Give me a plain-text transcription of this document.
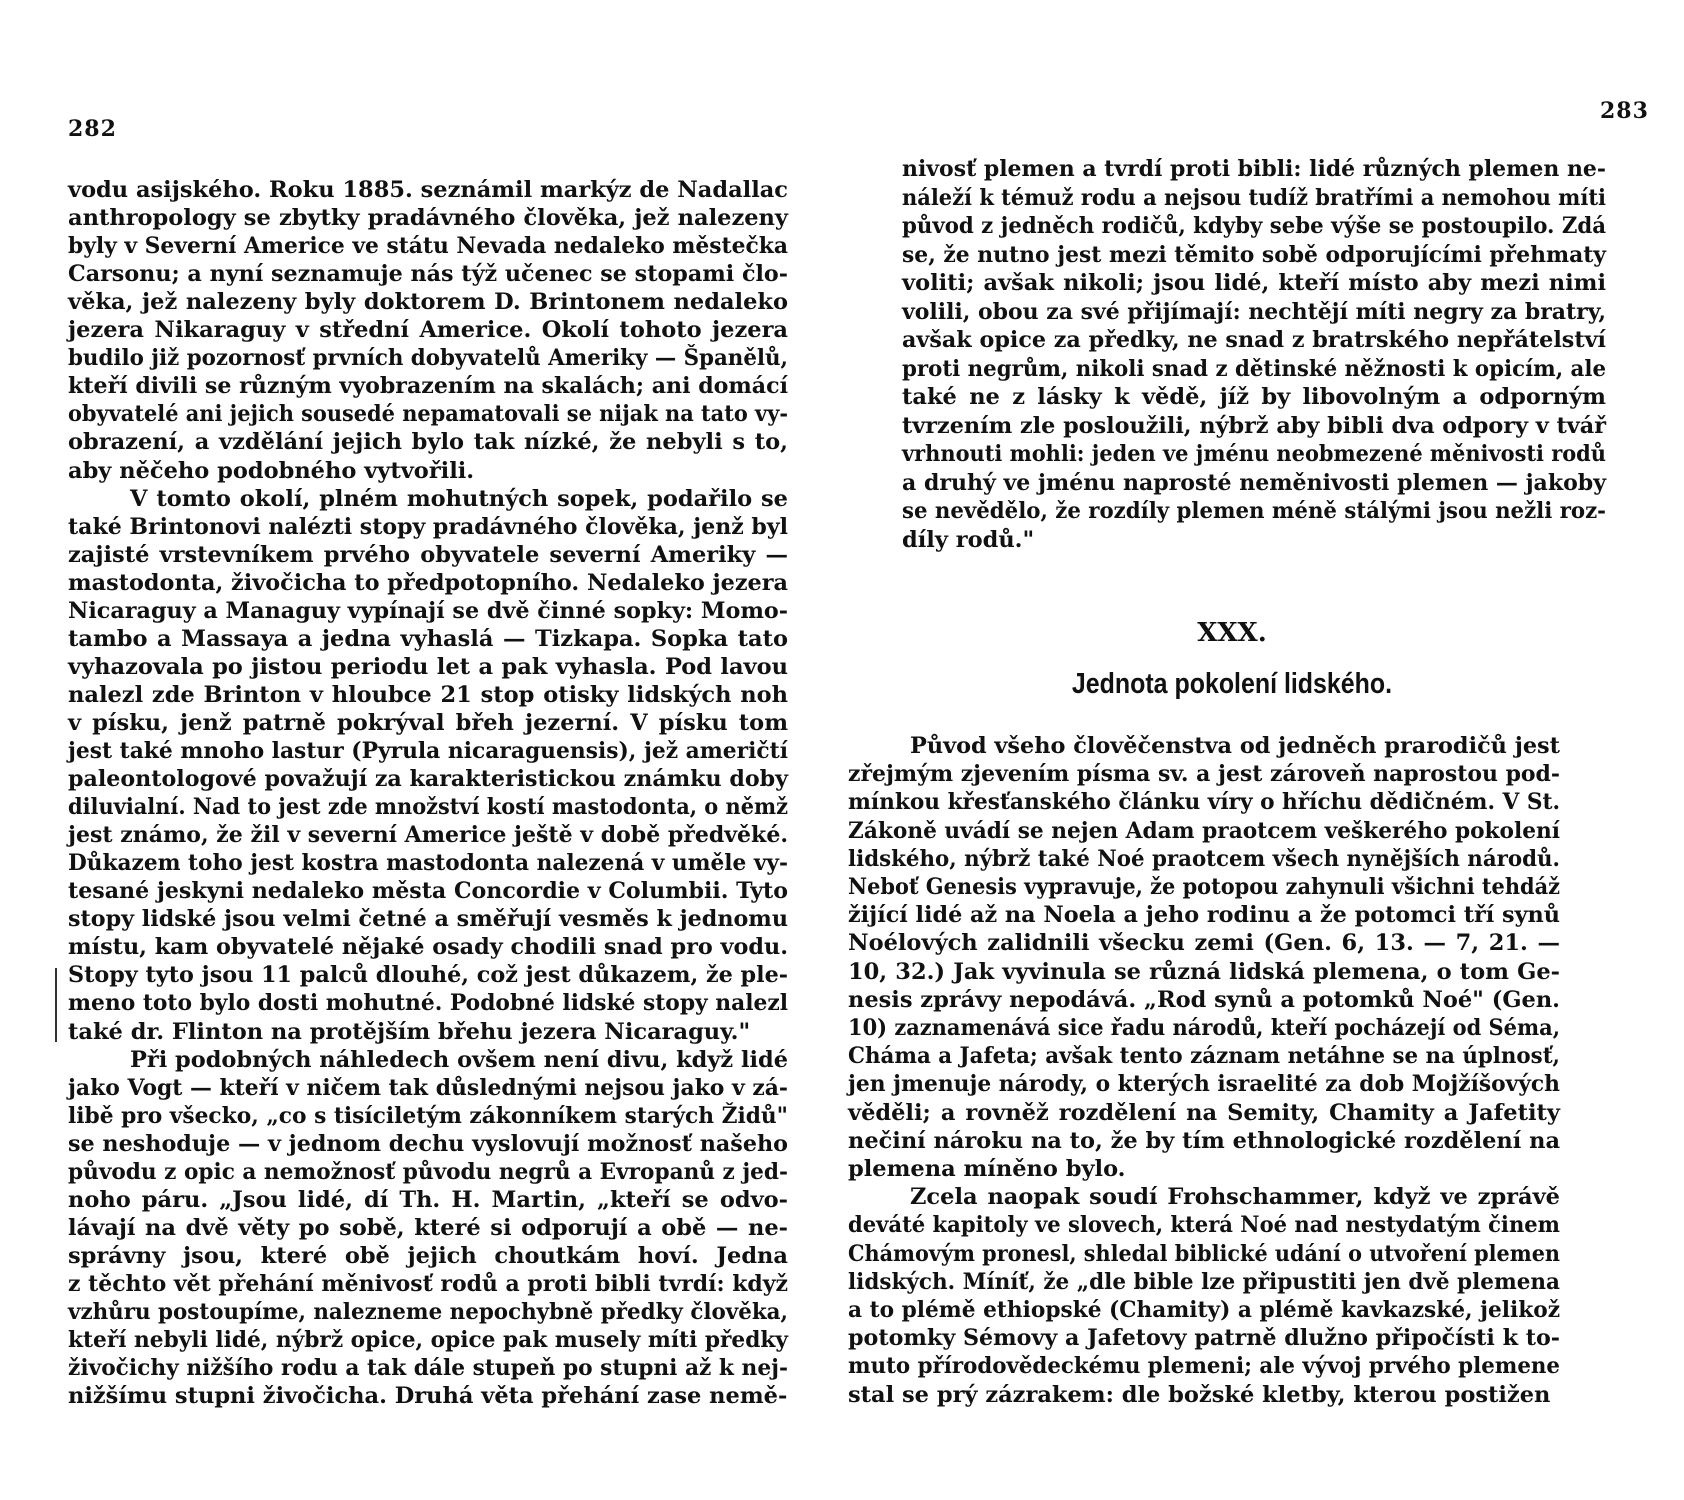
282
vodu asijského. Roku 1885. seznámil markýz de Nadallac
anthropology se zbytky pradávného člověka, jež nalezeny
byly v Severní Americe ve státu Nevada nedaleko městečka
Carsonu; a nyní seznamuje nás týž učenec se stopami člo-
věka, jež nalezeny byly doktorem D. Brintonem nedaleko
jezera Nikaraguy v střední Americe. Okolí tohoto jezera
budilo již pozornosť prvních dobyvatelů Ameriky — Španělů,
kteří divili se různým vyobrazením na skalách; ani domácí
obyvatelé ani jejich sousedé nepamatovali se nijak na tato vy-
obrazení, a vzdělání jejich bylo tak nízké, že nebyli s to,
aby něčeho podobného vytvořili.
V tomto okolí, plném mohutných sopek, podařilo se
také Brintonovi nalézti stopy pradávného člověka, jenž byl
zajisté vrstevníkem prvého obyvatele severní Ameriky —
mastodonta, živočicha to předpotopního. Nedaleko jezera
Nicaraguy a Managuy vypínají se dvě činné sopky: Momo-
tambo a Massaya a jedna vyhaslá — Tizkapa. Sopka tato
vyhazovala po jistou periodu let a pak vyhasla. Pod lavou
nalezl zde Brinton v hloubce 21 stop otisky lidských noh
v písku, jenž patrně pokrýval břeh jezerní. V písku tom
jest také mnoho lastur (Pyrula nicaraguensis), jež američtí
paleontologové považují za karakteristickou známku doby
diluvialní. Nad to jest zde množství kostí mastodonta, o němž
jest známo, že žil v severní Americe ještě v době předvěké.
Důkazem toho jest kostra mastodonta nalezená v uměle vy-
tesané jeskyni nedaleko města Concordie v Columbii. Tyto
stopy lidské jsou velmi četné a směřují vesměs k jednomu
místu, kam obyvatelé nějaké osady chodili snad pro vodu.
Stopy tyto jsou 11 palců dlouhé, což jest důkazem, že ple-
meno toto bylo dosti mohutné. Podobné lidské stopy nalezl
také dr. Flinton na protějším břehu jezera Nicaraguy."
Při podobných náhledech ovšem není divu, když lidé
jako Vogt — kteří v ničem tak důslednými nejsou jako v zá-
libě pro všecko, „co s tisíciletým zákonníkem starých Židů"
se neshoduje — v jednom dechu vyslovují možnosť našeho
původu z opic a nemožnosť původu negrů a Evropanů z jed-
noho páru. „Jsou lidé, dí Th. H. Martin, „kteří se odvo-
lávají na dvě věty po sobě, které si odporují a obě — ne-
správny jsou, které obě jejich choutkám hoví. Jedna
z těchto vět přehání měnivosť rodů a proti bibli tvrdí: když
vzhůru postoupíme, nalezneme nepochybně předky člověka,
kteří nebyli lidé, nýbrž opice, opice pak musely míti předky
živočichy nižšího rodu a tak dále stupeň po stupni až k nej-
nižšímu stupni živočicha. Druhá věta přehání zase nemě-
283
nivosť plemen a tvrdí proti bibli: lidé různých plemen ne-
náleží k témuž rodu a nejsou tudíž bratřími a nemohou míti
původ z jedněch rodičů, kdyby sebe výše se postoupilo. Zdá
se, že nutno jest mezi těmito sobě odporujícími přehmaty
voliti; avšak nikoli; jsou lidé, kteří místo aby mezi nimi
volili, obou za své přijímají: nechtějí míti negry za bratry,
avšak opice za předky, ne snad z bratrského nepřátelství
proti negrům, nikoli snad z dětinské něžnosti k opicím, ale
také ne z lásky k vědě, jíž by libovolným a odporným
tvrzením zle posloužili, nýbrž aby bibli dva odpory v tvář
vrhnouti mohli: jeden ve jménu neobmezené měnivosti rodů
a druhý ve jménu naprosté neměnivosti plemen — jakoby
se nevědělo, že rozdíly plemen méně stálými jsou nežli roz-
díly rodů."
XXX.
Jednota pokolení lidského.
Původ všeho člověčenstva od jedněch prarodičů jest
zřejmým zjevením písma sv. a jest zároveň naprostou pod-
mínkou křesťanského článku víry o hříchu dědičném. V St.
Zákoně uvádí se nejen Adam praotcem veškerého pokolení
lidského, nýbrž také Noé praotcem všech nynějších národů.
Neboť Genesis vypravuje, že potopou zahynuli všichni tehdáž
žijící lidé až na Noela a jeho rodinu a že potomci tří synů
Noélových zalidnili všecku zemi (Gen. 6, 13. — 7, 21. —
10, 32.) Jak vyvinula se různá lidská plemena, o tom Ge-
nesis zprávy nepodává. „Rod synů a potomků Noé" (Gen.
10) zaznamenává sice řadu národů, kteří pocházejí od Séma,
Cháma a Jafeta; avšak tento záznam netáhne se na úplnosť,
jen jmenuje národy, o kterých israelité za dob Mojžíšových
věděli; a rovněž rozdělení na Semity, Chamity a Jafetity
nečiní nároku na to, že by tím ethnologické rozdělení na
plemena míněno bylo.
Zcela naopak soudí Frohschammer, když ve zprávě
deváté kapitoly ve slovech, která Noé nad nestydatým činem
Chámovým pronesl, shledal biblické udání o utvoření plemen
lidských. Míníť, že „dle bible lze připustiti jen dvě plemena
a to plémě ethiopské (Chamity) a plémě kavkazské, jelikož
potomky Sémovy a Jafetovy patrně dlužno připočísti k to-
muto přírodovědeckému plemeni; ale vývoj prvého plemene
stal se prý zázrakem: dle božské kletby, kterou postižen
